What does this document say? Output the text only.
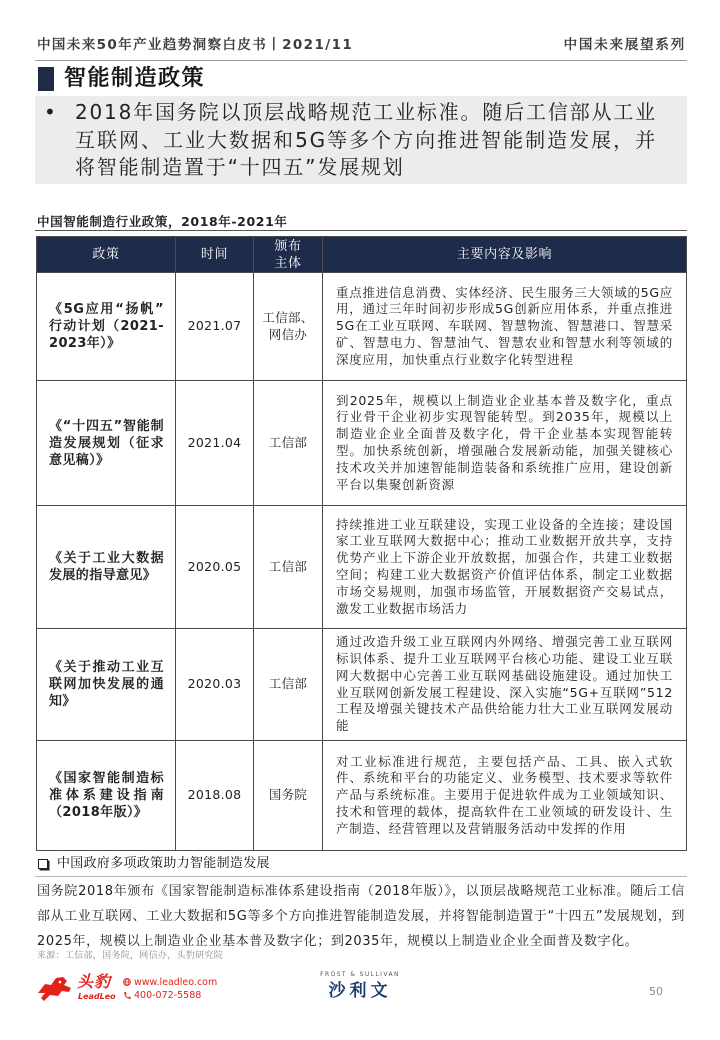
中国未来50年产业趋势洞察白皮书丨2021/11	中国未来展望系列
智能制造政策
• 2018年国务院以顶层战略规范工业标准。随后工信部从工业互联网、工业大数据和5G等多个方向推进智能制造发展，并将智能制造置于“十四五”发展规划
中国智能制造行业政策，2018年-2021年
政策	时间	颁布主体	主要内容及影响
《5G应用“扬帆”行动计划（2021-2023年）》	2021.07	工信部、网信办	重点推进信息消费、实体经济、民生服务三大领域的5G应用，通过三年时间初步形成5G创新应用体系，并重点推进5G在工业互联网、车联网、智慧物流、智慧港口、智慧采矿、智慧电力、智慧油气、智慧农业和智慧水利等领域的深度应用，加快重点行业数字化转型进程
《“十四五”智能制造发展规划（征求意见稿）》	2021.04	工信部	到2025年，规模以上制造业企业基本普及数字化，重点行业骨干企业初步实现智能转型。到2035年，规模以上制造业企业全面普及数字化，骨干企业基本实现智能转型。加快系统创新，增强融合发展新动能，加强关键核心技术攻关并加速智能制造装备和系统推广应用，建设创新平台以集聚创新资源
《关于工业大数据发展的指导意见》	2020.05	工信部	持续推进工业互联建设，实现工业设备的全连接；建设国家工业互联网大数据中心；推动工业数据开放共享，支持优势产业上下游企业开放数据，加强合作，共建工业数据空间；构建工业大数据资产价值评估体系，制定工业数据市场交易规则，加强市场监管，开展数据资产交易试点，激发工业数据市场活力
《关于推动工业互联网加快发展的通知》	2020.03	工信部	通过改造升级工业互联网内外网络、增强完善工业互联网标识体系、提升工业互联网平台核心功能、建设工业互联网大数据中心完善工业互联网基础设施建设。通过加快工业互联网创新发展工程建设、深入实施“5G+互联网”512工程及增强关键技术产品供给能力壮大工业互联网发展动能
《国家智能制造标准体系建设指南（2018年版）》	2018.08	国务院	对工业标准进行规范，主要包括产品、工具、嵌入式软件、系统和平台的功能定义、业务模型、技术要求等软件产品与系统标准。主要用于促进软件成为工业领域知识、技术和管理的载体，提高软件在工业领域的研发设计、生产制造、经营管理以及营销服务活动中发挥的作用
中国政府多项政策助力智能制造发展
国务院2018年颁布《国家智能制造标准体系建设指南（2018年版）》，以顶层战略规范工业标准。随后工信部从工业互联网、工业大数据和5G等多个方向推进智能制造发展，并将智能制造置于“十四五”发展规划，到2025年，规模以上制造业企业基本普及数字化；到2035年，规模以上制造业企业全面普及数字化。
来源：工信部，国务院，网信办，头豹研究院
头豹
LeadLeo
www.leadleo.com
400-072-5588
FROST & SULLIVAN
沙利文	50
